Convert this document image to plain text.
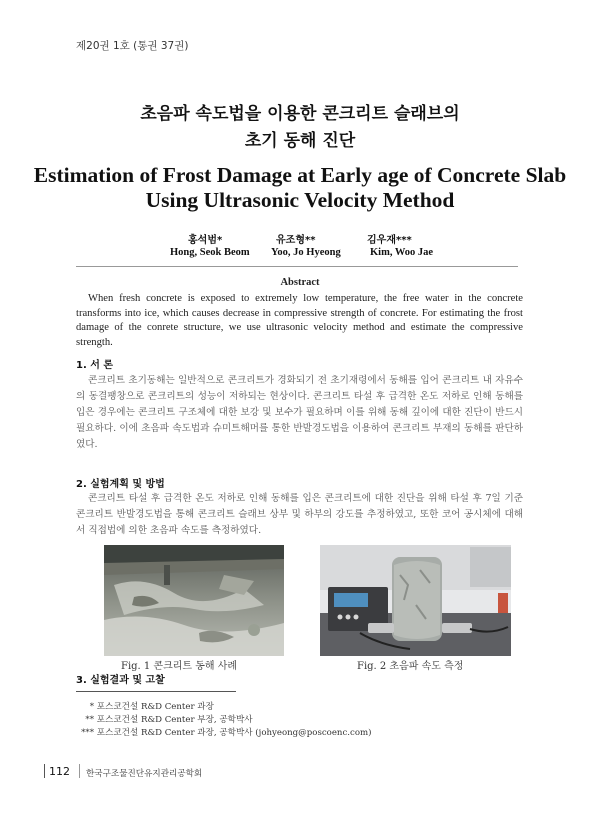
제20권 1호 (통권 37권)
초음파 속도법을 이용한 콘크리트 슬래브의
초기 동해 진단
Estimation of Frost Damage at Early age of Concrete Slab
Using Ultrasonic Velocity Method
홍석범*	유조형**	김우재***
Hong, Seok Beom Yoo, Jo Hyeong	Kim, Woo Jae
Abstract
When fresh concrete is exposed to extremely low temperature, the free water in the concrete transforms into ice, which causes decrease in compressive strength of concrete. For estimating the frost damage of the conrete structure, we use ultrasonic velocity method and estimate the compressive strength.
1. 서 론

콘크리트 초기동해는 일반적으로 콘크리트가 경화되기 전 초기재령에서 동해를 입어 콘크리트 내 자유수의 동결팽창으로 콘크리트의 성능이 저하되는 현상이다. 콘크리트 타설 후 급격한 온도 저하로 인해 동해를 입은 경우에는 콘크리트 구조체에 대한 보강 및 보수가 필요하며 이를 위해 동해 깊이에 대한 진단이 반드시 필요하다. 이에 초음파 속도법과 슈미트해머를 통한 반발경도법을 이용하여 콘크리트 부재의 동해를 판단하였다.

2. 실험계획 및 방법

콘크리트 타설 후 급격한 온도 저하로 인해 동해를 입은 콘크리트에 대한 진단을 위해 타설 후 7일 기준 콘크리트 반발경도법을 통해 콘크리트 슬래브 상부 및 하부의 강도를 추정하였고, 또한 코어 공시체에 대해서 직접법에 의한 초음파 속도를 측정하였다.

Fig. 1 콘크리트 동해 사례	Fig. 2 초음파 속도 측정
3. 실험결과 및 고찰
* 포스코건설 R&D Center 과장
** 포스코건설 R&D Center 부장, 공학박사
*** 포스코건설 R&D Center 과장, 공학박사 (johyeong@poscoenc.com)
112 한국구조물진단유지관리공학회
